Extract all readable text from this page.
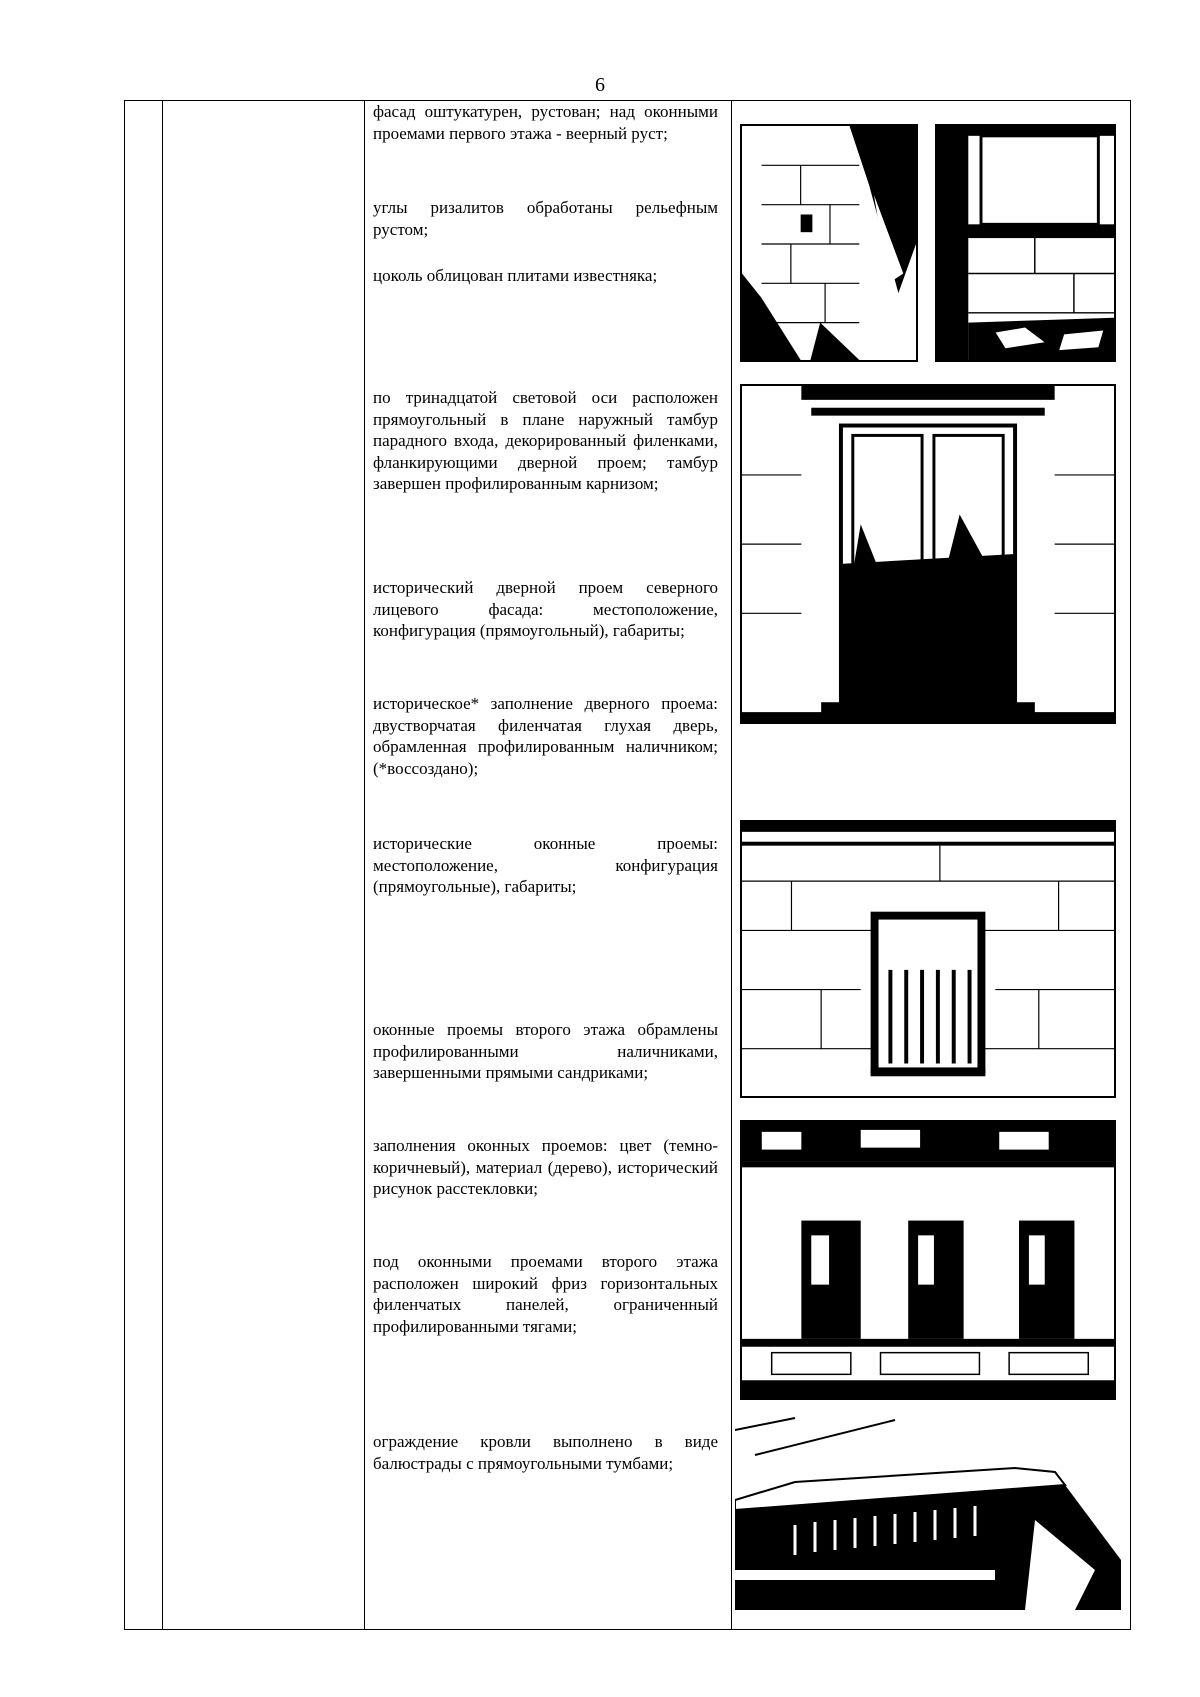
6
фасад оштукатурен, рустован; над оконными проемами первого этажа - веерный руст;
углы ризалитов обработаны рельефным рустом;
цоколь облицован плитами известняка;
по тринадцатой световой оси расположен прямоугольный в плане наружный тамбур парадного входа, декорированный филенками, фланкирующими дверной проем; тамбур завершен профилированным карнизом;
исторический дверной проем северного лицевого фасада: местоположение, конфигурация (прямоугольный), габариты;
историческое* заполнение дверного проема: двустворчатая филенчатая глухая дверь, обрамленная профилированным наличником; (*воссоздано);
исторические оконные проемы: местоположение, конфигурация (прямоугольные), габариты;
оконные проемы второго этажа обрамлены профилированными наличниками, завершенными прямыми сандриками;
заполнения оконных проемов: цвет (темно-коричневый), материал (дерево), исторический рисунок расстекловки;
под оконными проемами второго этажа расположен широкий фриз горизонтальных филенчатых панелей, ограниченный профилированными тягами;
ограждение кровли выполнено в виде балюстрады с прямоугольными тумбами;
